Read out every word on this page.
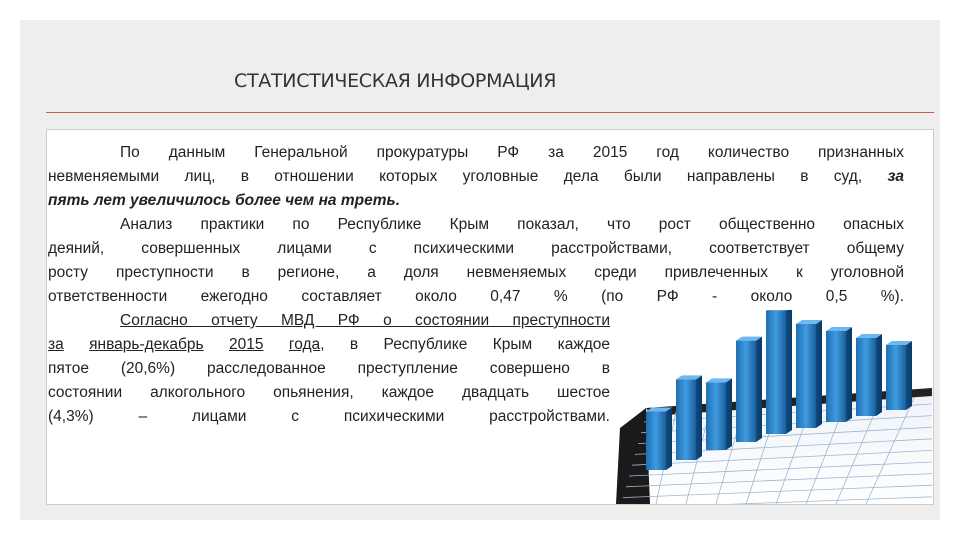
СТАТИСТИЧЕСКАЯ ИНФОРМАЦИЯ
По данным Генеральной прокуратуры РФ за 2015 год количество признанных
невменяемыми лиц, в отношении которых уголовные дела были направлены в суд, за
пять лет увеличилось более чем на треть.
Анализ практики по Республике Крым показал, что рост общественно опасных
деяний, совершенных лицами с психическими расстройствами, соответствует общему
росту преступности в регионе, а доля невменяемых среди привлеченных к уголовной
ответственности ежегодно составляет около 0,47 % (по РФ - около 0,5 %).
Согласно отчету МВД РФ о состоянии преступности
за январь-декабрь 2015 года, в Республике Крым каждое
пятое (20,6%) расследованное преступление совершено в
состоянии алкогольного опьянения, каждое двадцать шестое
(4,3%) – лицами с психическими расстройствами.
